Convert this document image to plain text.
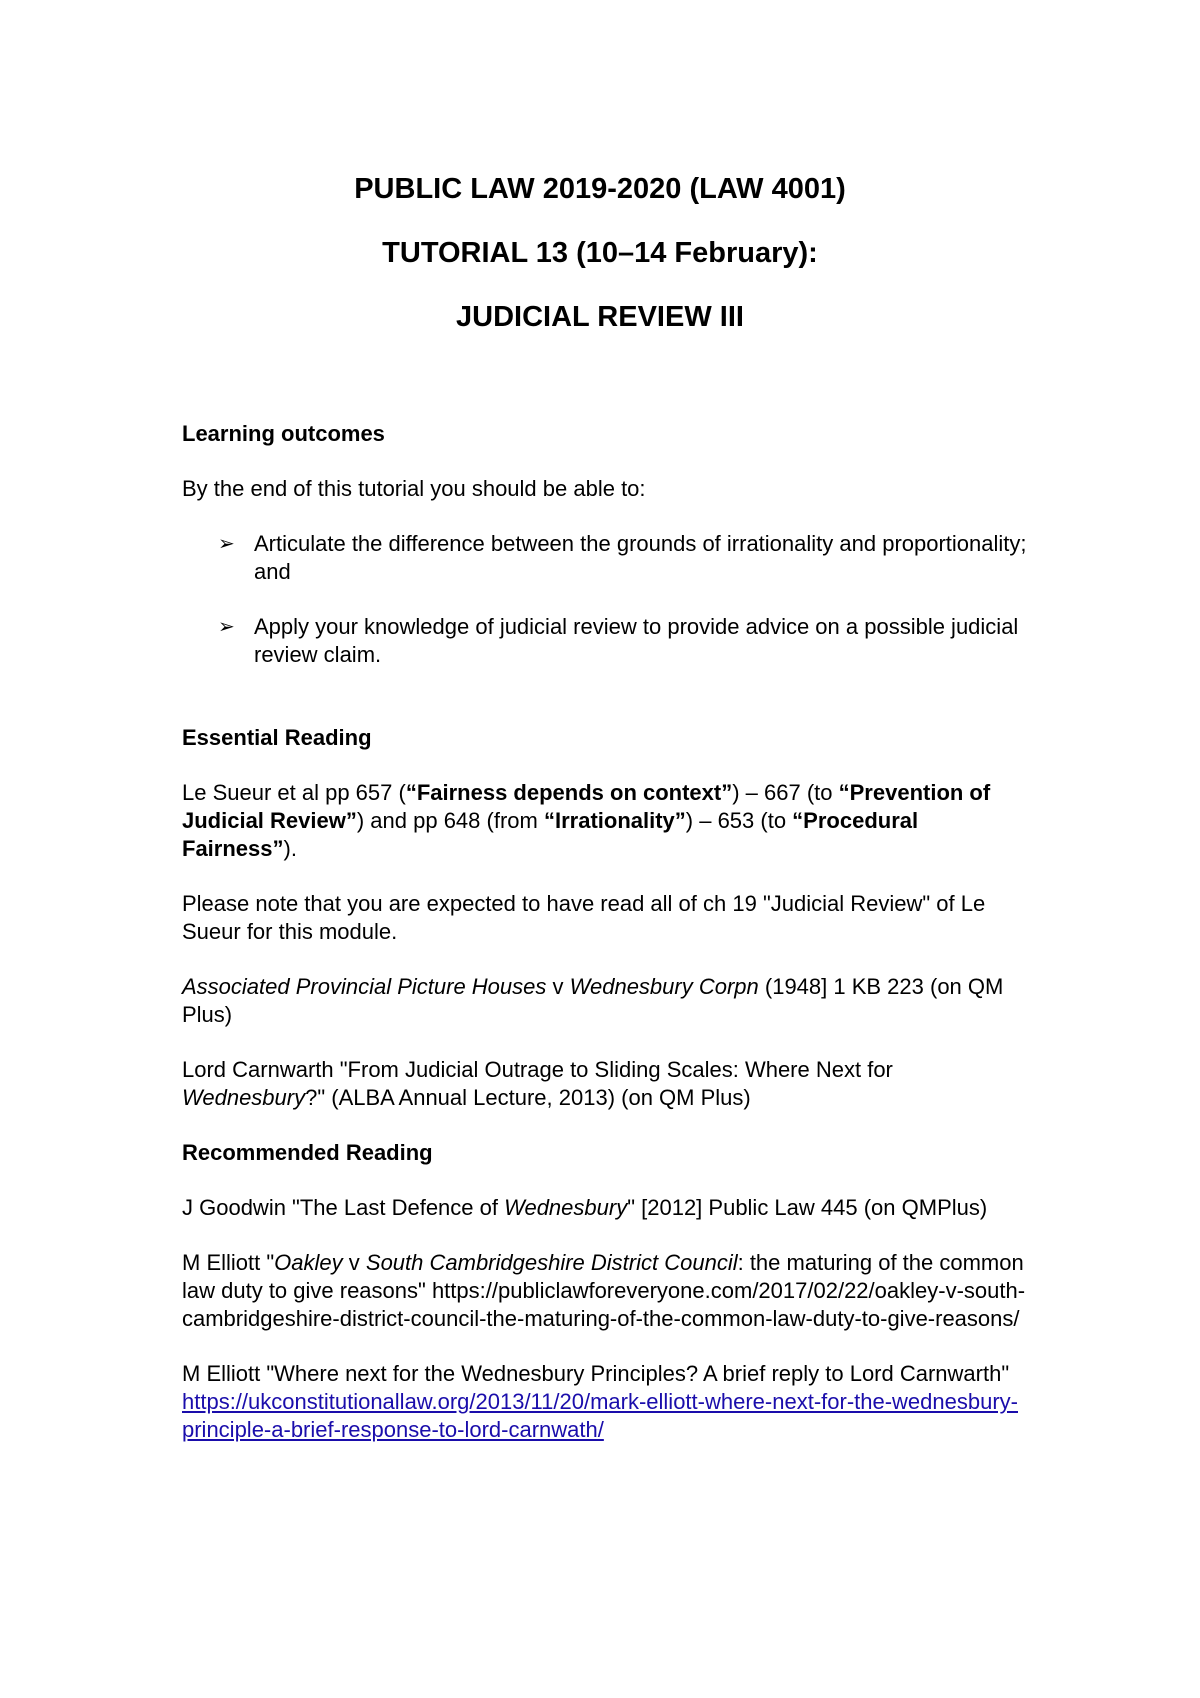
PUBLIC LAW 2019-2020 (LAW 4001)

TUTORIAL 13 (10–14 February):

JUDICIAL REVIEW III

Learning outcomes

By the end of this tutorial you should be able to:

➢ Articulate the difference between the grounds of irrationality and proportionality; and
➢ Apply your knowledge of judicial review to provide advice on a possible judicial review claim.

Essential Reading

Le Sueur et al pp 657 (“Fairness depends on context”) – 667 (to “Prevention of Judicial Review”) and pp 648 (from “Irrationality”) – 653 (to “Procedural Fairness”).

Please note that you are expected to have read all of ch 19 "Judicial Review" of Le Sueur for this module.

Associated Provincial Picture Houses v Wednesbury Corpn (1948] 1 KB 223 (on QM Plus)

Lord Carnwarth "From Judicial Outrage to Sliding Scales: Where Next for Wednesbury?" (ALBA Annual Lecture, 2013) (on QM Plus)

Recommended Reading

J Goodwin "The Last Defence of Wednesbury" [2012] Public Law 445 (on QMPlus)

M Elliott "Oakley v South Cambridgeshire District Council: the maturing of the common law duty to give reasons" https://publiclawforeveryone.com/2017/02/22/oakley-v-south-cambridgeshire-district-council-the-maturing-of-the-common-law-duty-to-give-reasons/

M Elliott "Where next for the Wednesbury Principles? A brief reply to Lord Carnwarth" https://ukconstitutionallaw.org/2013/11/20/mark-elliott-where-next-for-the-wednesbury-principle-a-brief-response-to-lord-carnwath/
